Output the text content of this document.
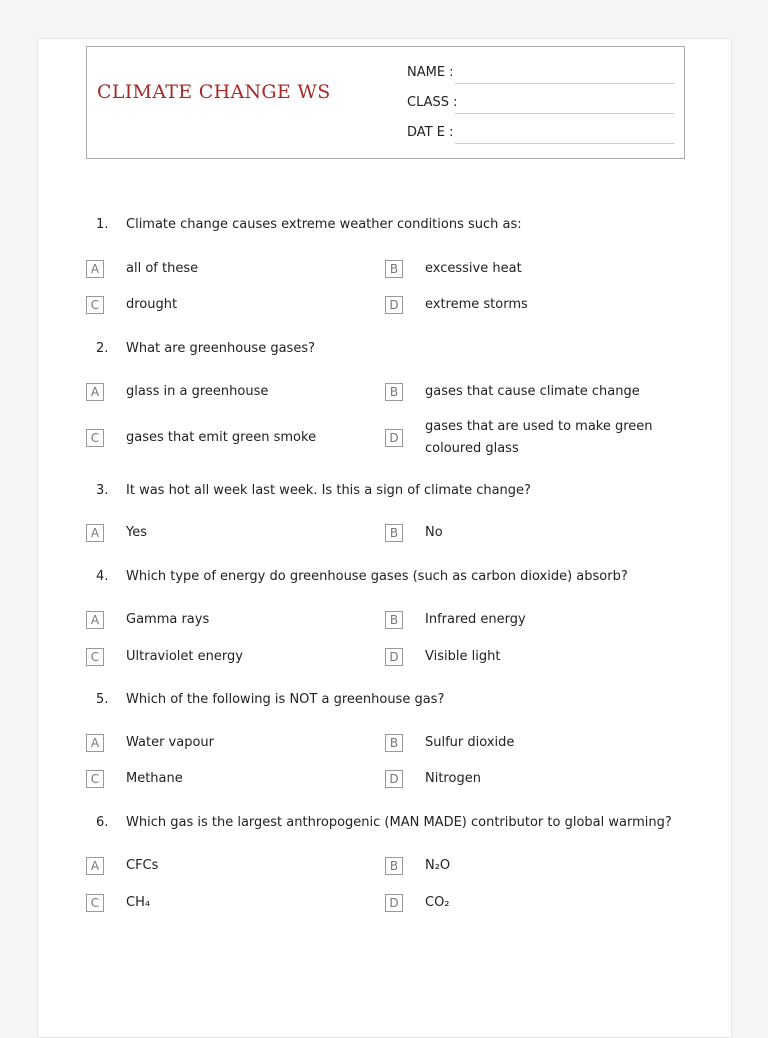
CLIMATE CHANGE WS
NAME :
CLASS :
DAT E :
1. Climate change causes extreme weather conditions such as:
A	all of these	B	excessive heat
C	drought	D	extreme storms
2. What are greenhouse gases?
A	glass in a greenhouse	B	gases that cause climate change
C	gases that emit green smoke	D
gases that are used to make green coloured glass
3. It was hot all week last week. Is this a sign of climate change?
A	Yes	B	No
4. Which type of energy do greenhouse gases (such as carbon dioxide) absorb?
A	Gamma rays	B	Infrared energy
C	Ultraviolet energy	D	Visible light
5. Which of the following is NOT a greenhouse gas?
A	Water vapour	B	Sulfur dioxide
C	Methane	D	Nitrogen
6. Which gas is the largest anthropogenic (MAN MADE) contributor to global warming?
A	CFCs	B	N₂O
C	CH₄	D	CO₂
